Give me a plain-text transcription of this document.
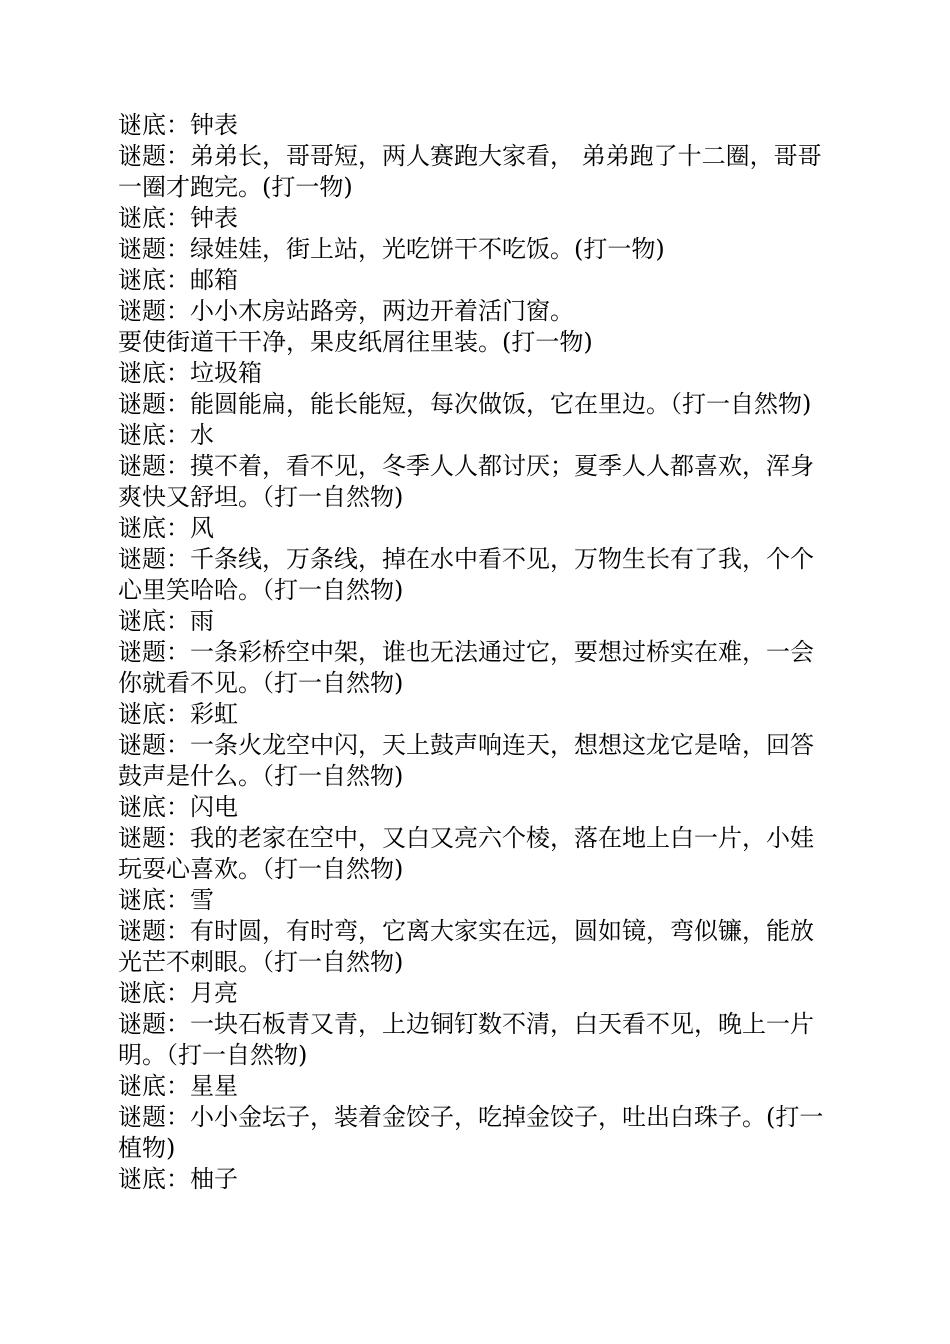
谜底：钟表
谜题：弟弟长，哥哥短，两人赛跑大家看， 弟弟跑了十二圈，哥哥
一圈才跑完。(打一物)
谜底：钟表
谜题：绿娃娃，街上站，光吃饼干不吃饭。(打一物)
谜底：邮箱
谜题：小小木房站路旁，两边开着活门窗。
要使街道干干净，果皮纸屑往里装。(打一物)
谜底：垃圾箱
谜题：能圆能扁，能长能短，每次做饭，它在里边。（打一自然物)
谜底：水
谜题：摸不着，看不见，冬季人人都讨厌；夏季人人都喜欢，浑身
爽快又舒坦。（打一自然物)
谜底：风
谜题：千条线，万条线，掉在水中看不见，万物生长有了我，个个
心里笑哈哈。（打一自然物)
谜底：雨
谜题：一条彩桥空中架，谁也无法通过它，要想过桥实在难，一会
你就看不见。（打一自然物)
谜底：彩虹
谜题：一条火龙空中闪，天上鼓声响连天，想想这龙它是啥，回答
鼓声是什么。（打一自然物)
谜底：闪电
谜题：我的老家在空中，又白又亮六个棱，落在地上白一片，小娃
玩耍心喜欢。（打一自然物)
谜底：雪
谜题：有时圆，有时弯，它离大家实在远，圆如镜，弯似镰，能放
光芒不刺眼。（打一自然物)
谜底：月亮
谜题：一块石板青又青，上边铜钉数不清，白天看不见，晚上一片
明。（打一自然物)
谜底：星星
谜题：小小金坛子，装着金饺子，吃掉金饺子，吐出白珠子。(打一
植物)
谜底：柚子
